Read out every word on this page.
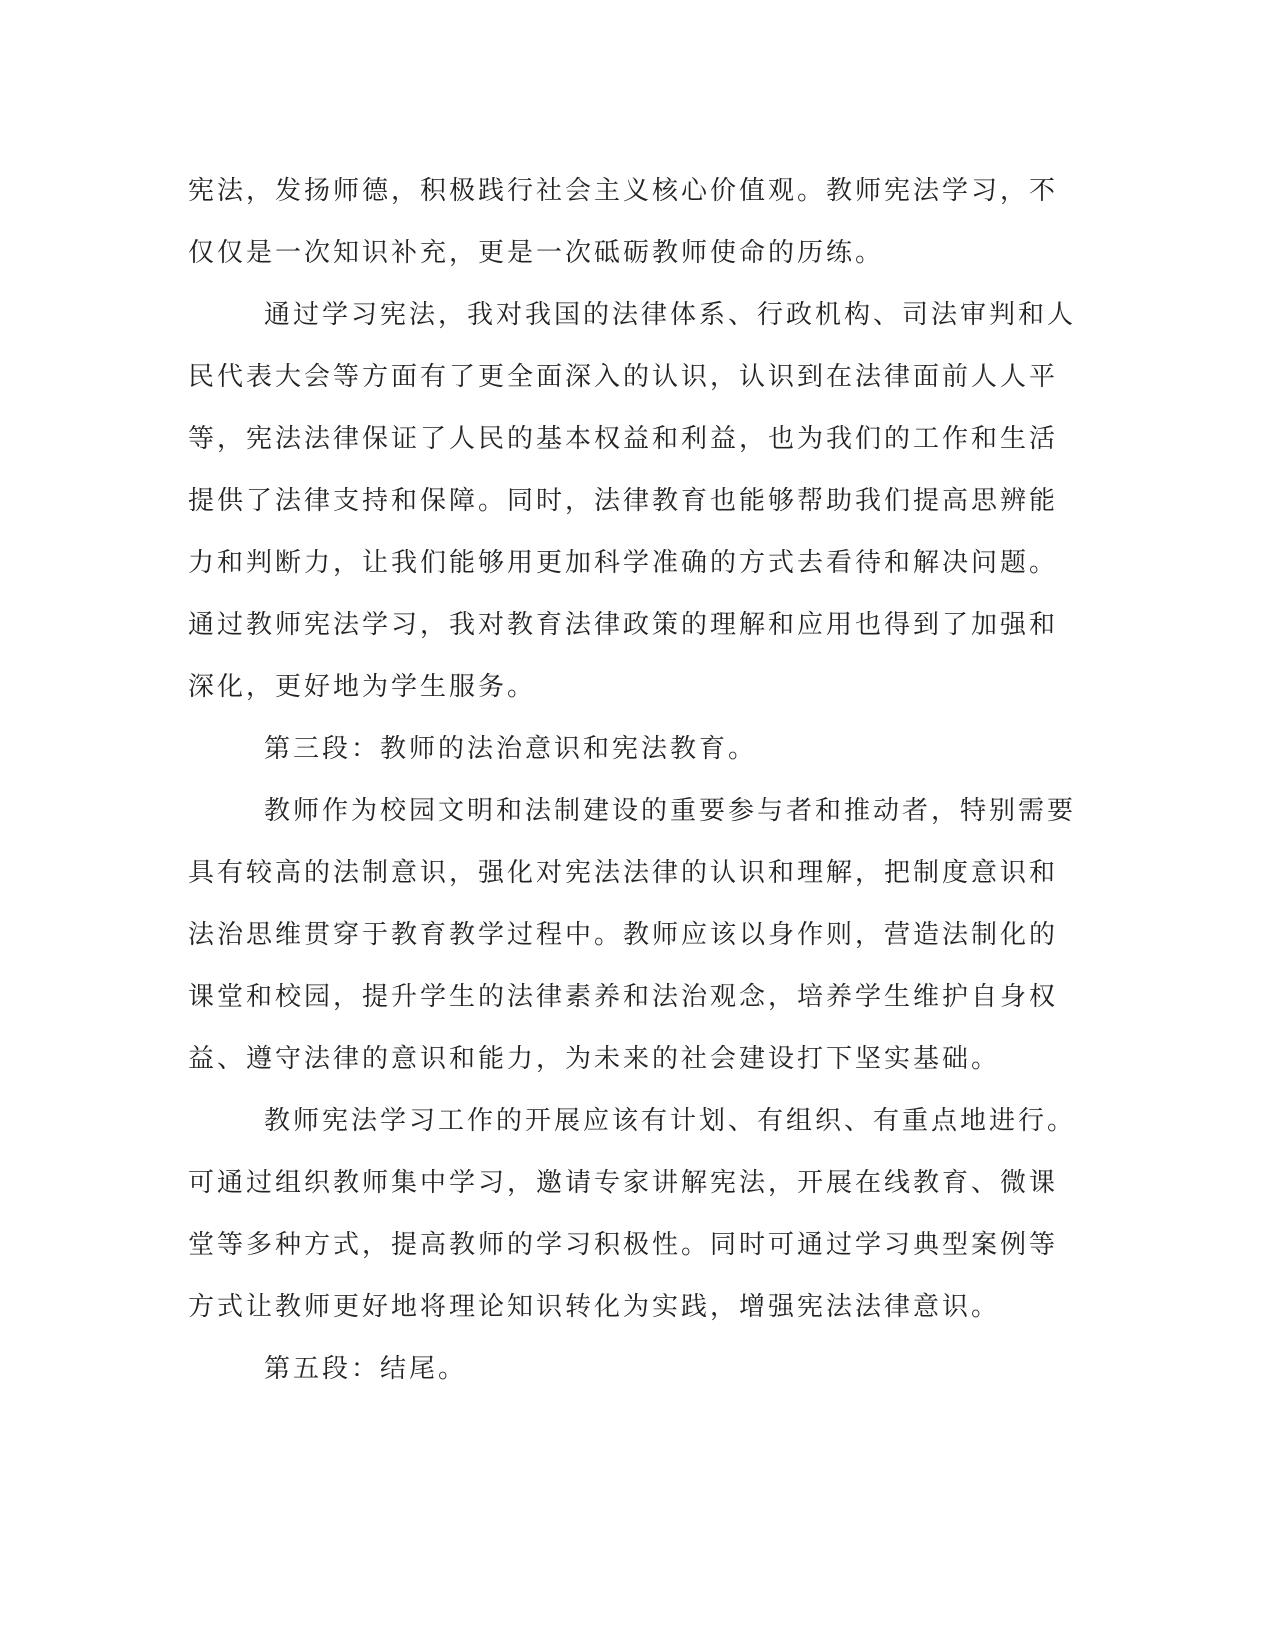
宪法，发扬师德，积极践行社会主义核心价值观。教师宪法学习，不
仅仅是一次知识补充，更是一次砥砺教师使命的历练。
通过学习宪法，我对我国的法律体系、行政机构、司法审判和人
民代表大会等方面有了更全面深入的认识，认识到在法律面前人人平
等，宪法法律保证了人民的基本权益和利益，也为我们的工作和生活
提供了法律支持和保障。同时，法律教育也能够帮助我们提高思辨能
力和判断力，让我们能够用更加科学准确的方式去看待和解决问题。
通过教师宪法学习，我对教育法律政策的理解和应用也得到了加强和
深化，更好地为学生服务。
第三段：教师的法治意识和宪法教育。
教师作为校园文明和法制建设的重要参与者和推动者，特别需要
具有较高的法制意识，强化对宪法法律的认识和理解，把制度意识和
法治思维贯穿于教育教学过程中。教师应该以身作则，营造法制化的
课堂和校园，提升学生的法律素养和法治观念，培养学生维护自身权
益、遵守法律的意识和能力，为未来的社会建设打下坚实基础。
教师宪法学习工作的开展应该有计划、有组织、有重点地进行。
可通过组织教师集中学习，邀请专家讲解宪法，开展在线教育、微课
堂等多种方式，提高教师的学习积极性。同时可通过学习典型案例等
方式让教师更好地将理论知识转化为实践，增强宪法法律意识。
第五段：结尾。
